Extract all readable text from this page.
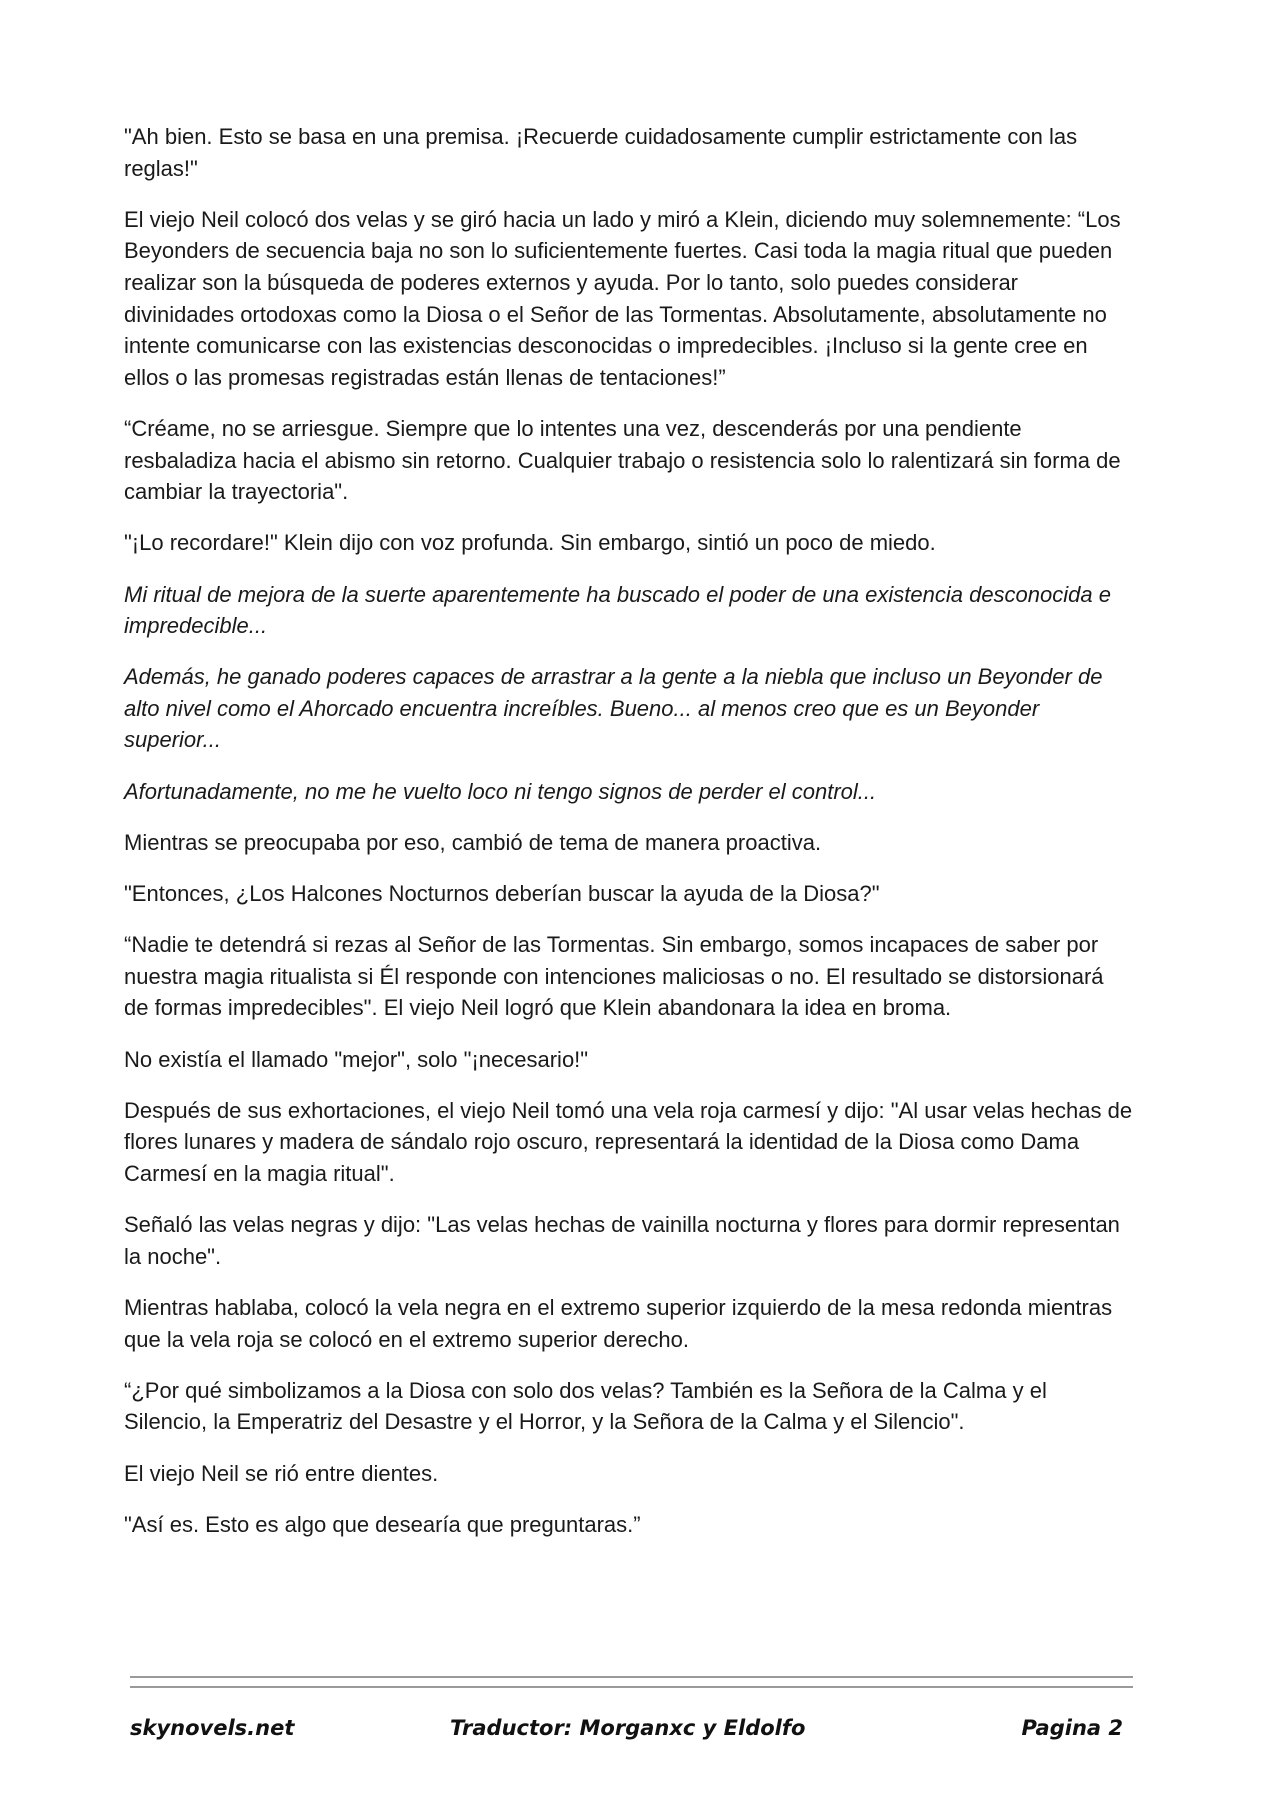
"Ah bien. Esto se basa en una premisa. ¡Recuerde cuidadosamente cumplir estrictamente con las reglas!"

El viejo Neil colocó dos velas y se giró hacia un lado y miró a Klein, diciendo muy solemnemente: “Los Beyonders de secuencia baja no son lo suficientemente fuertes. Casi toda la magia ritual que pueden realizar son la búsqueda de poderes externos y ayuda. Por lo tanto, solo puedes considerar divinidades ortodoxas como la Diosa o el Señor de las Tormentas. Absolutamente, absolutamente no intente comunicarse con las existencias desconocidas o impredecibles. ¡Incluso si la gente cree en ellos o las promesas registradas están llenas de tentaciones!”

“Créame, no se arriesgue. Siempre que lo intentes una vez, descenderás por una pendiente resbaladiza hacia el abismo sin retorno. Cualquier trabajo o resistencia solo lo ralentizará sin forma de cambiar la trayectoria".

"¡Lo recordare!" Klein dijo con voz profunda. Sin embargo, sintió un poco de miedo.

Mi ritual de mejora de la suerte aparentemente ha buscado el poder de una existencia desconocida e impredecible...

Además, he ganado poderes capaces de arrastrar a la gente a la niebla que incluso un Beyonder de alto nivel como el Ahorcado encuentra increíbles. Bueno... al menos creo que es un Beyonder superior...

Afortunadamente, no me he vuelto loco ni tengo signos de perder el control...

Mientras se preocupaba por eso, cambió de tema de manera proactiva.

"Entonces, ¿Los Halcones Nocturnos deberían buscar la ayuda de la Diosa?"

“Nadie te detendrá si rezas al Señor de las Tormentas. Sin embargo, somos incapaces de saber por nuestra magia ritualista si Él responde con intenciones maliciosas o no. El resultado se distorsionará de formas impredecibles". El viejo Neil logró que Klein abandonara la idea en broma.

No existía el llamado "mejor", solo "¡necesario!"

Después de sus exhortaciones, el viejo Neil tomó una vela roja carmesí y dijo: "Al usar velas hechas de flores lunares y madera de sándalo rojo oscuro, representará la identidad de la Diosa como Dama Carmesí en la magia ritual".

Señaló las velas negras y dijo: "Las velas hechas de vainilla nocturna y flores para dormir representan la noche".

Mientras hablaba, colocó la vela negra en el extremo superior izquierdo de la mesa redonda mientras que la vela roja se colocó en el extremo superior derecho.

“¿Por qué simbolizamos a la Diosa con solo dos velas? También es la Señora de la Calma y el Silencio, la Emperatriz del Desastre y el Horror, y la Señora de la Calma y el Silencio".

El viejo Neil se rió entre dientes.

"Así es. Esto es algo que desearía que preguntaras.”

skynovels.net	Traductor: Morganxc y Eldolfo	Pagina 2
